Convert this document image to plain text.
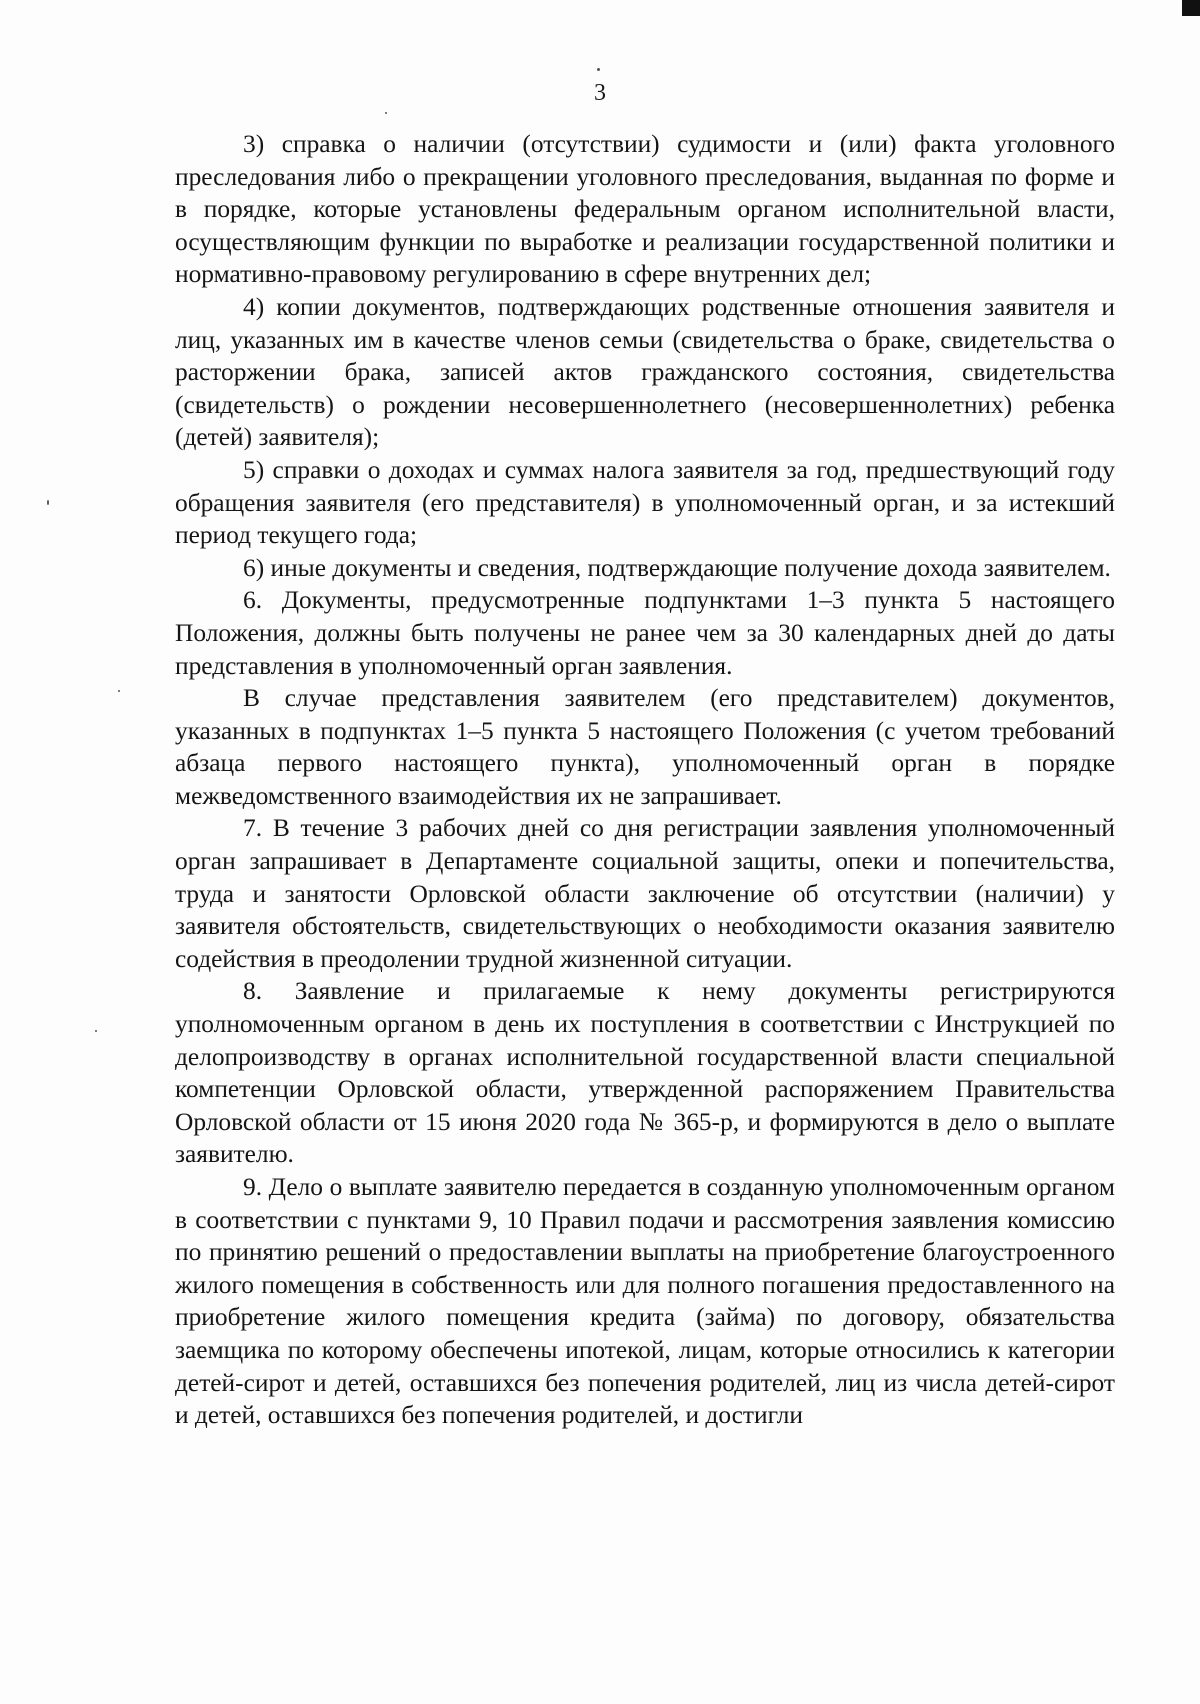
3

3) справка о наличии (отсутствии) судимости и (или) факта уголовного преследования либо о прекращении уголовного преследования, выданная по форме и в порядке, которые установлены федеральным органом исполнительной власти, осуществляющим функции по выработке и реализации государственной политики и нормативно-правовому регулированию в сфере внутренних дел;

4) копии документов, подтверждающих родственные отношения заявителя и лиц, указанных им в качестве членов семьи (свидетельства о браке, свидетельства о расторжении брака, записей актов гражданского состояния, свидетельства (свидетельств) о рождении несовершеннолетнего (несовершеннолетних) ребенка (детей) заявителя);

5) справки о доходах и суммах налога заявителя за год, предшествующий году обращения заявителя (его представителя) в уполномоченный орган, и за истекший период текущего года;

6) иные документы и сведения, подтверждающие получение дохода заявителем.

6. Документы, предусмотренные подпунктами 1–3 пункта 5 настоящего Положения, должны быть получены не ранее чем за 30 календарных дней до даты представления в уполномоченный орган заявления.

В случае представления заявителем (его представителем) документов, указанных в подпунктах 1–5 пункта 5 настоящего Положения (с учетом требований абзаца первого настоящего пункта), уполномоченный орган в порядке межведомственного взаимодействия их не запрашивает.

7. В течение 3 рабочих дней со дня регистрации заявления уполномоченный орган запрашивает в Департаменте социальной защиты, опеки и попечительства, труда и занятости Орловской области заключение об отсутствии (наличии) у заявителя обстоятельств, свидетельствующих о необходимости оказания заявителю содействия в преодолении трудной жизненной ситуации.

8. Заявление и прилагаемые к нему документы регистрируются уполномоченным органом в день их поступления в соответствии с Инструкцией по делопроизводству в органах исполнительной государственной власти специальной компетенции Орловской области, утвержденной распоряжением Правительства Орловской области от 15 июня 2020 года № 365-р, и формируются в дело о выплате заявителю.

9. Дело о выплате заявителю передается в созданную уполномоченным органом в соответствии с пунктами 9, 10 Правил подачи и рассмотрения заявления комиссию по принятию решений о предоставлении выплаты на приобретение благоустроенного жилого помещения в собственность или для полного погашения предоставленного на приобретение жилого помещения кредита (займа) по договору, обязательства заемщика по которому обеспечены ипотекой, лицам, которые относились к категории детей-сирот и детей, оставшихся без попечения родителей, лиц из числа детей-сирот и детей, оставшихся без попечения родителей, и достигли
